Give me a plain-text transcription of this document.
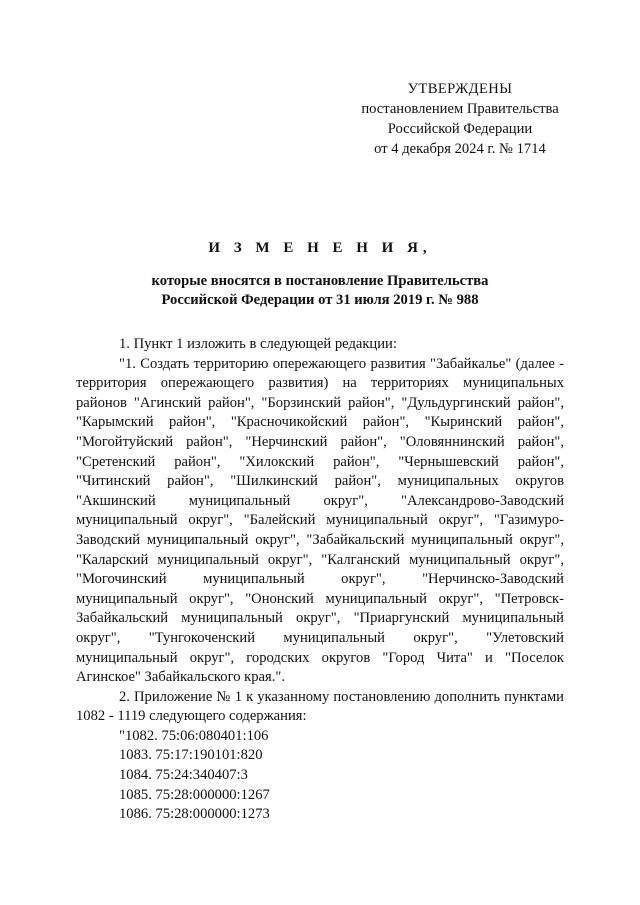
УТВЕРЖДЕНЫ
постановлением Правительства
Российской Федерации
от 4 декабря 2024 г. № 1714
И З М Е Н Е Н И Я,
которые вносятся в постановление Правительства
Российской Федерации от 31 июля 2019 г. № 988

1. Пункт 1 изложить в следующей редакции:

"1. Создать территорию опережающего развития "Забайкалье" (далее - территория опережающего развития) на территориях муниципальных районов "Агинский район", "Борзинский район", "Дульдургинский район", "Карымский район", "Красночикойский район", "Кыринский район", "Могойтуйский район", "Нерчинский район", "Оловяннинский район", "Сретенский район", "Хилокский район", "Чернышевский район", "Читинский район", "Шилкинский район", муниципальных округов "Акшинский муниципальный округ", "Александрово-Заводский муниципальный округ", "Балейский муниципальный округ", "Газимуро-Заводский муниципальный округ", "Забайкальский муниципальный округ", "Каларский муниципальный округ", "Калганский муниципальный округ", "Могочинский муниципальный округ", "Нерчинско-Заводский муниципальный округ", "Ононский муниципальный округ", "Петровск-Забайкальский муниципальный округ", "Приаргунский муниципальный округ", "Тунгокоченский муниципальный округ", "Улетовский муниципальный округ", городских округов "Город Чита" и "Поселок Агинское" Забайкальского края.".

2. Приложение № 1 к указанному постановлению дополнить пунктами 1082 - 1119 следующего содержания:

"1082. 75:06:080401:106

1083. 75:17:190101:820

1084. 75:24:340407:3

1085. 75:28:000000:1267

1086. 75:28:000000:1273
